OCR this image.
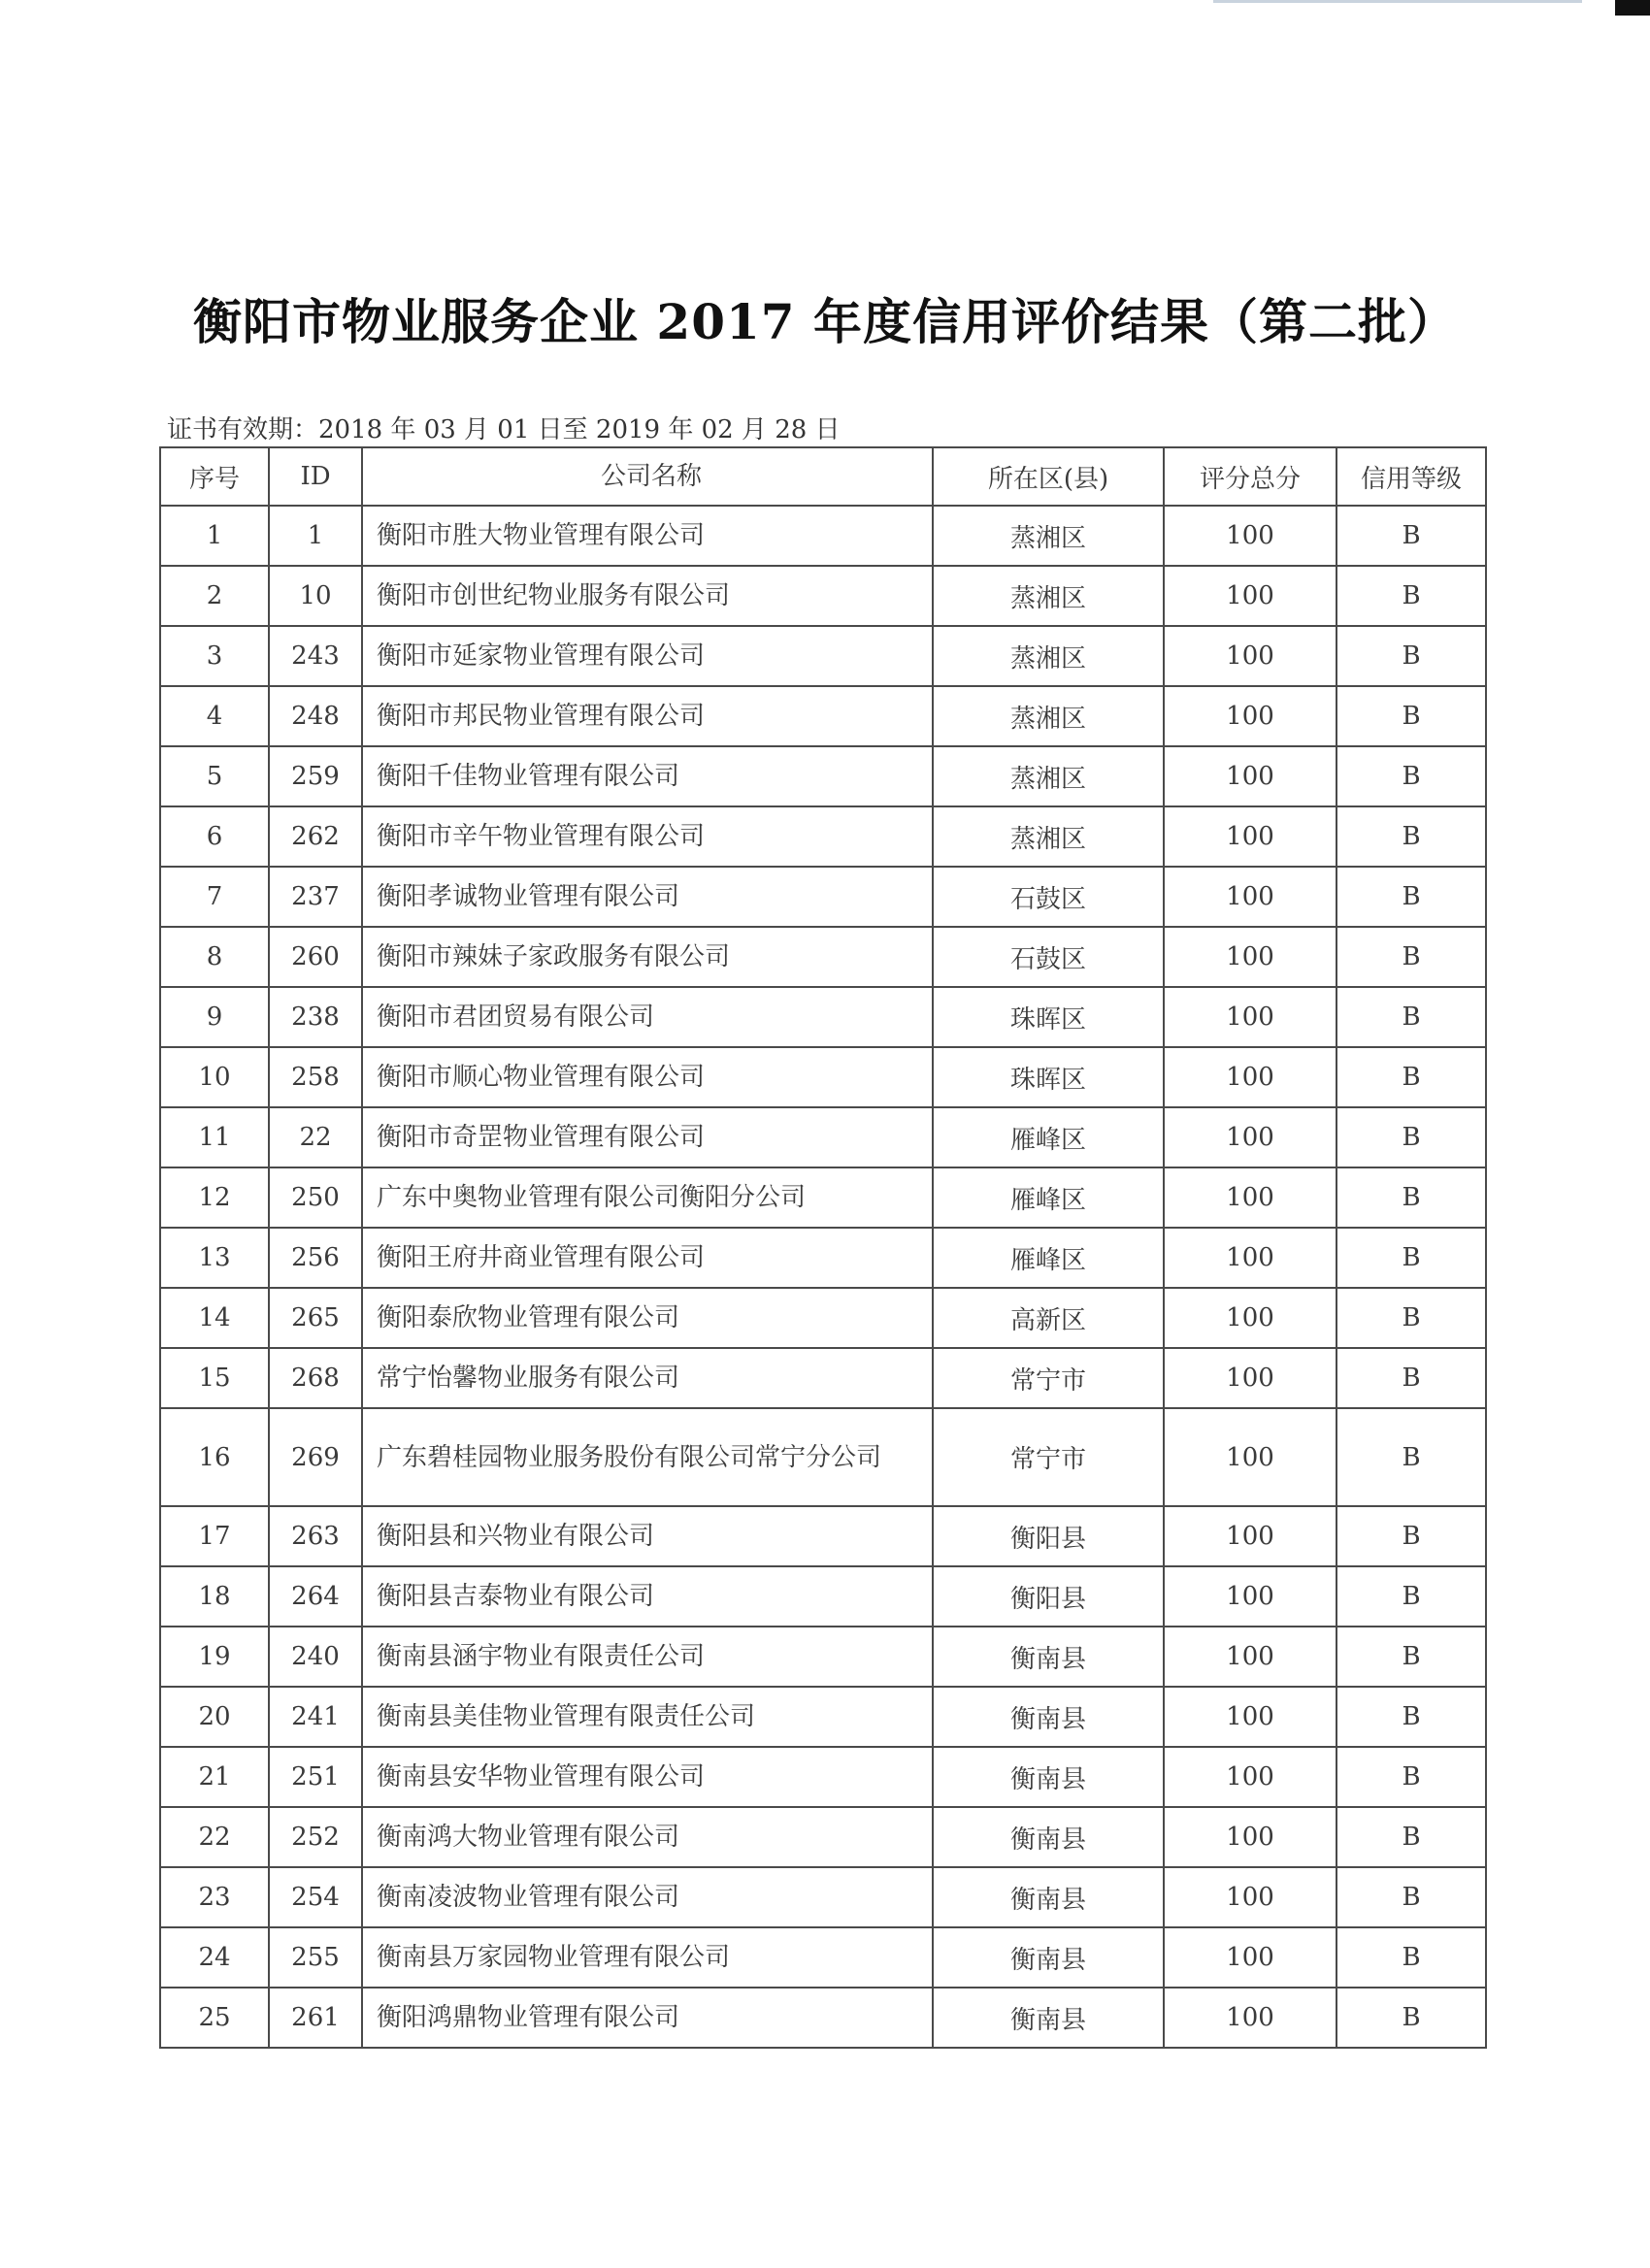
衡阳市物业服务企业 2017 年度信用评价结果（第二批）
证书有效期：2018 年 03 月 01 日至 2019 年 02 月 28 日
序号	ID	公司名称	所在区(县)	评分总分	信用等级
1	1	衡阳市胜大物业管理有限公司	蒸湘区	100	B
2	10	衡阳市创世纪物业服务有限公司	蒸湘区	100	B
3	243	衡阳市延家物业管理有限公司	蒸湘区	100	B
4	248	衡阳市邦民物业管理有限公司	蒸湘区	100	B
5	259	衡阳千佳物业管理有限公司	蒸湘区	100	B
6	262	衡阳市辛午物业管理有限公司	蒸湘区	100	B
7	237	衡阳孝诚物业管理有限公司	石鼓区	100	B
8	260	衡阳市辣妹子家政服务有限公司	石鼓区	100	B
9	238	衡阳市君团贸易有限公司	珠晖区	100	B
10	258	衡阳市顺心物业管理有限公司	珠晖区	100	B
11	22	衡阳市奇罡物业管理有限公司	雁峰区	100	B
12	250	广东中奥物业管理有限公司衡阳分公司	雁峰区	100	B
13	256	衡阳王府井商业管理有限公司	雁峰区	100	B
14	265	衡阳泰欣物业管理有限公司	高新区	100	B
15	268	常宁怡馨物业服务有限公司	常宁市	100	B
16	269	广东碧桂园物业服务股份有限公司常宁分公司	常宁市	100	B
17	263	衡阳县和兴物业有限公司	衡阳县	100	B
18	264	衡阳县吉泰物业有限公司	衡阳县	100	B
19	240	衡南县涵宇物业有限责任公司	衡南县	100	B
20	241	衡南县美佳物业管理有限责任公司	衡南县	100	B
21	251	衡南县安华物业管理有限公司	衡南县	100	B
22	252	衡南鸿大物业管理有限公司	衡南县	100	B
23	254	衡南凌波物业管理有限公司	衡南县	100	B
24	255	衡南县万家园物业管理有限公司	衡南县	100	B
25	261	衡阳鸿鼎物业管理有限公司	衡南县	100	B
